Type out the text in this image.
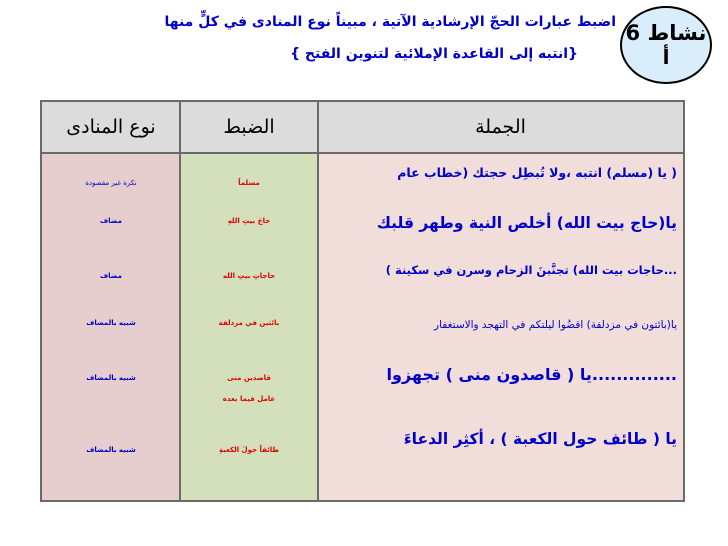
نشاط 6
أ
اضبط عبارات الحجّ الإرشادية الآتية ، مبيناً نوع المنادى في كلٍّ منها
{انتبه إلى القاعدة الإملائية لتنوين الفتح }
الجملة
الضبط
نوع المنادى
( يا (مسلم) انتبه ،ولا تُبطِل حجتك (خطاب عام
مسلماً
نكرة غير مقصودة
يا(حاج بيت الله) أخلص النية وطهر قلبك
حاجَ بيتِ اللهِ
مضاف
...حاجات بيت الله) تجنَّبنَ الزحام وسرن في سكينة )
حاجاتِ بيتِ الله
مضاف
يا(بائتون في مزدلفة) اقضُوا ليلتكم في التهجد والاستغفار
بائتين في مزدلفة
شبيه بالمضاف
..............يا ( قاصدون منى ) تجهزوا
قاصدين منى
عامل فيما بعده
شبيه بالمضاف
يا ( طائف حول الكعبة ) ، أكثِر الدعاءَ
طائفاً حولَ الكعبةِ
شبيه بالمضاف
